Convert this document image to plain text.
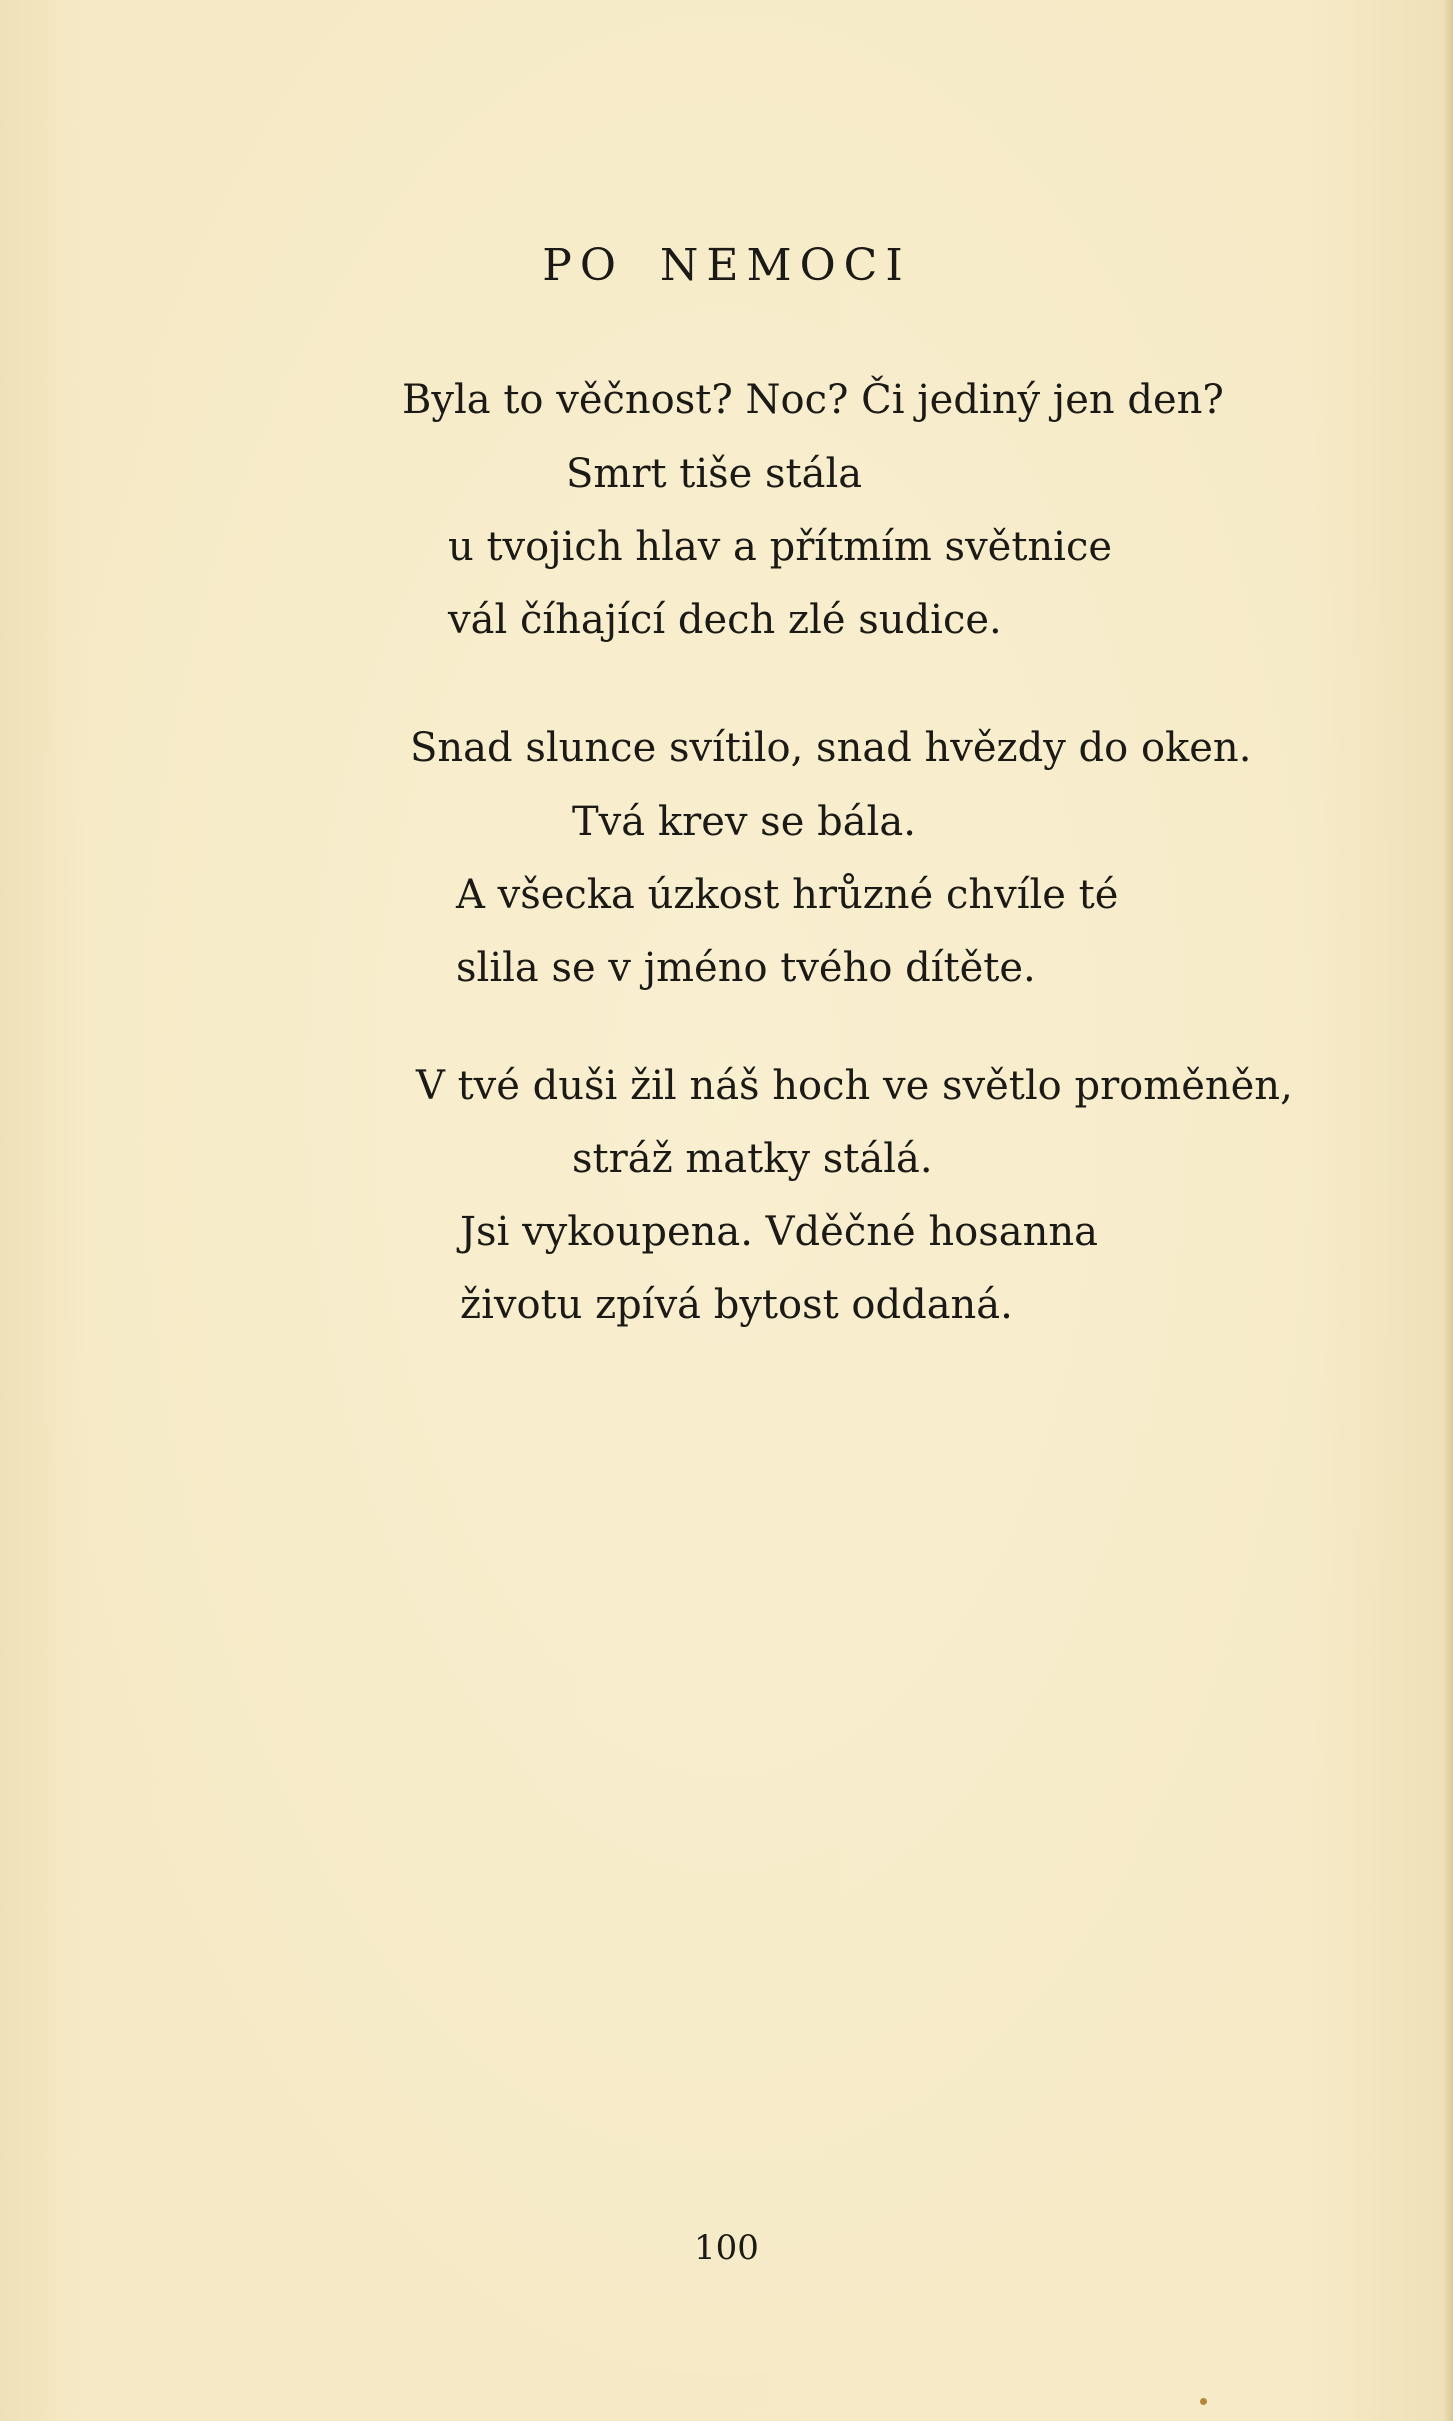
PO NEMOCI
Byla to věčnost? Noc? Či jediný jen den?
Smrt tiše stála
u tvojich hlav a přítmím světnice
vál číhající dech zlé sudice.
Snad slunce svítilo, snad hvězdy do oken.
Tvá krev se bála.
A všecka úzkost hrůzné chvíle té
slila se v jméno tvého dítěte.
V tvé duši žil náš hoch ve světlo proměněn,
stráž matky stálá.
Jsi vykoupena. Vděčné hosanna
životu zpívá bytost oddaná.
100
